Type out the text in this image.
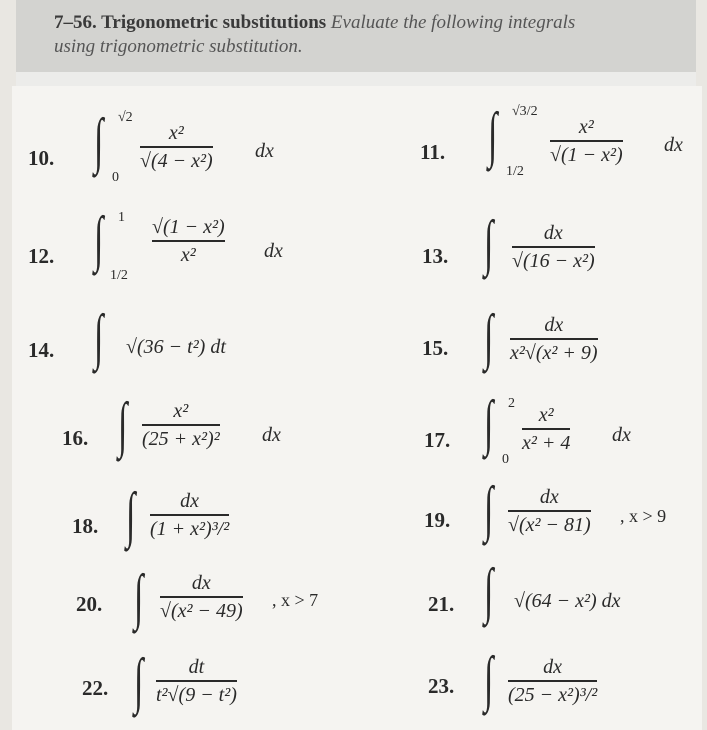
7–56. Trigonometric substitutions Evaluate the following integrals
using trigonometric substitution.
10. ∫ √2
0
x²
√(4 − x²) dx	11. ∫ √3/2
1/2
x²
√(1 − x²) dx
12. ∫ 1
1/2
√(1 − x²)
x²	dx	13. ∫	dx
√(16 − x²)
14. ∫ √(36 − t²) dt	15. ∫	dx
x²√(x² + 9)
16. ∫ x²
(25 + x²)² dx	17. ∫ 2
0
x²
x² + 4 dx
18. ∫ dx
(1 + x²)³/²	19. ∫ dx
√(x² − 81) , x > 9
20. ∫ dx
√(x² − 49) , x > 7	21. ∫ √(64 − x²) dx
22. ∫ dt
t²√(9 − t²)	23. ∫ dx
(25 − x²)³/²
